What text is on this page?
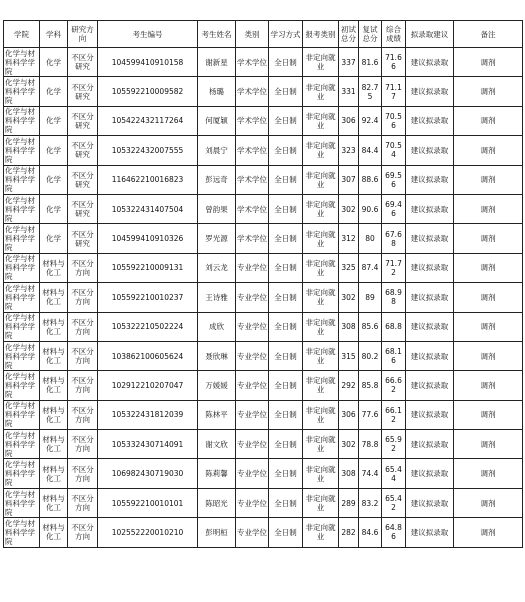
学院	学科	研究方向	考生编号	考生姓名	类别	学习方式	报考类别	初试总分	复试总分	综合成绩	拟录取建议	备注
化学与材料科学学院	化学	不区分研究	104599410910158	谢新星	学术学位	全日制	非定向就业	337	81.6	71.66	建议拟录取	调剂
化学与材料科学学院	化学	不区分研究	105592210009582	杨璐	学术学位	全日制	非定向就业	331	82.75	71.17	建议拟录取	调剂
化学与材料科学学院	化学	不区分研究	105422432117264	何厦颖	学术学位	全日制	非定向就业	306	92.4	70.56	建议拟录取	调剂
化学与材料科学学院	化学	不区分研究	105322432007555	刘晨宁	学术学位	全日制	非定向就业	323	84.4	70.54	建议拟录取	调剂
化学与材料科学学院	化学	不区分研究	116462210016823	彭远奇	学术学位	全日制	非定向就业	307	88.6	69.56	建议拟录取	调剂
化学与材料科学学院	化学	不区分研究	105322431407504	曾韵果	学术学位	全日制	非定向就业	302	90.6	69.46	建议拟录取	调剂
化学与材料科学学院	化学	不区分研究	104599410910326	罗光源	学术学位	全日制	非定向就业	312	80	67.68	建议拟录取	调剂
化学与材料科学学院	材料与化工	不区分方向	105592210009131	刘云龙	专业学位	全日制	非定向就业	325	87.4	71.72	建议拟录取	调剂
化学与材料科学学院	材料与化工	不区分方向	105592210010237	王诗雅	专业学位	全日制	非定向就业	302	89	68.98	建议拟录取	调剂
化学与材料科学学院	材料与化工	不区分方向	105322210502224	成欣	专业学位	全日制	非定向就业	308	85.6	68.8	建议拟录取	调剂
化学与材料科学学院	材料与化工	不区分方向	103862100605624	聂欣琳	专业学位	全日制	非定向就业	315	80.2	68.16	建议拟录取	调剂
化学与材料科学学院	材料与化工	不区分方向	102912210207047	万媛媛	专业学位	全日制	非定向就业	292	85.8	66.62	建议拟录取	调剂
化学与材料科学学院	材料与化工	不区分方向	105322431812039	陈林平	专业学位	全日制	非定向就业	306	77.6	66.12	建议拟录取	调剂
化学与材料科学学院	材料与化工	不区分方向	105332430714091	谢文欣	专业学位	全日制	非定向就业	302	78.8	65.92	建议拟录取	调剂
化学与材料科学学院	材料与化工	不区分方向	106982430719030	陈莉馨	专业学位	全日制	非定向就业	308	74.4	65.44	建议拟录取	调剂
化学与材料科学学院	材料与化工	不区分方向	105592210010101	陈昭光	专业学位	全日制	非定向就业	289	83.2	65.42	建议拟录取	调剂
化学与材料科学学院	材料与化工	不区分方向	102552220010210	彭明桓	专业学位	全日制	非定向就业	282	84.6	64.86	建议拟录取	调剂
